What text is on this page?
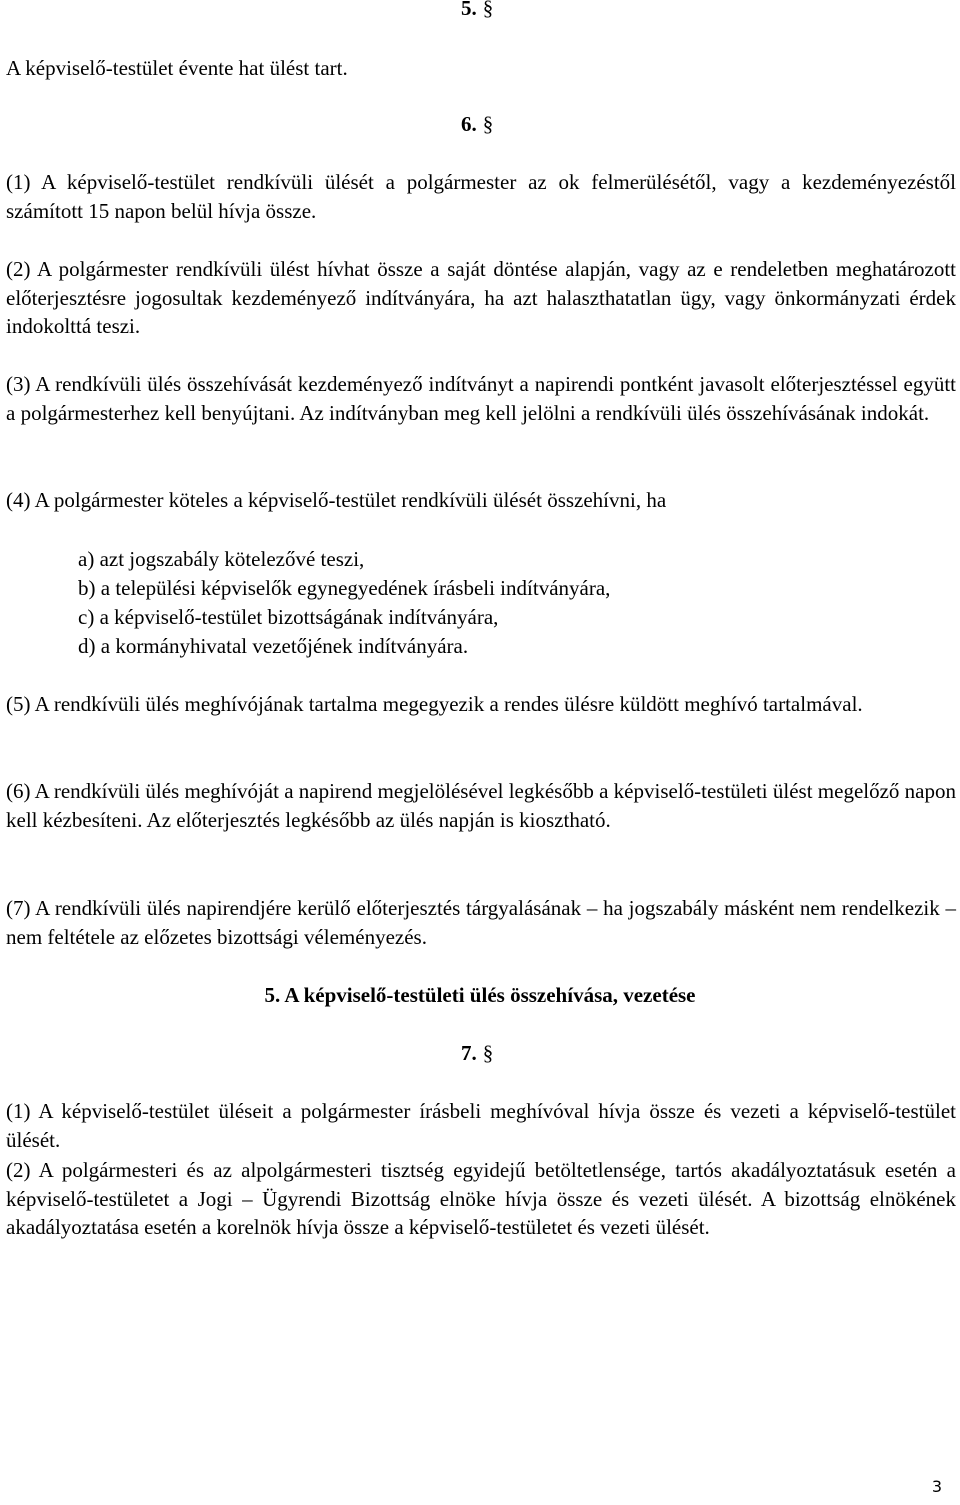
5. §

A képviselő-testület évente hat ülést tart.

6. §

(1) A képviselő-testület rendkívüli ülését a polgármester az ok felmerülésétől, vagy a kezdeményezéstől számított 15 napon belül hívja össze.

(2) A polgármester rendkívüli ülést hívhat össze a saját döntése alapján, vagy az e rendeletben meghatározott előterjesztésre jogosultak kezdeményező indítványára, ha azt halaszthatatlan ügy, vagy önkormányzati érdek indokolttá teszi.

(3) A rendkívüli ülés összehívását kezdeményező indítványt a napirendi pontként javasolt előterjesztéssel együtt a polgármesterhez kell benyújtani. Az indítványban meg kell jelölni a rendkívüli ülés összehívásának indokát.

(4) A polgármester köteles a képviselő-testület rendkívüli ülését összehívni, ha

a) azt jogszabály kötelezővé teszi,
b) a települési képviselők egynegyedének írásbeli indítványára,
c) a képviselő-testület bizottságának indítványára,
d) a kormányhivatal vezetőjének indítványára.

(5) A rendkívüli ülés meghívójának tartalma megegyezik a rendes ülésre küldött meghívó tartalmával.

(6) A rendkívüli ülés meghívóját a napirend megjelölésével legkésőbb a képviselő-testületi ülést megelőző napon kell kézbesíteni. Az előterjesztés legkésőbb az ülés napján is kiosztható.

(7) A rendkívüli ülés napirendjére kerülő előterjesztés tárgyalásának – ha jogszabály másként nem rendelkezik – nem feltétele az előzetes bizottsági véleményezés.

5. A képviselő-testületi ülés összehívása, vezetése
7. §

(1) A képviselő-testület üléseit a polgármester írásbeli meghívóval hívja össze és vezeti a képviselő-testület ülését.

(2) A polgármesteri és az alpolgármesteri tisztség egyidejű betöltetlensége, tartós akadályoztatásuk esetén a képviselő-testületet a Jogi – Ügyrendi Bizottság elnöke hívja össze és vezeti ülését. A bizottság elnökének akadályoztatása esetén a korelnök hívja össze a képviselő-testületet és vezeti ülését.

3
